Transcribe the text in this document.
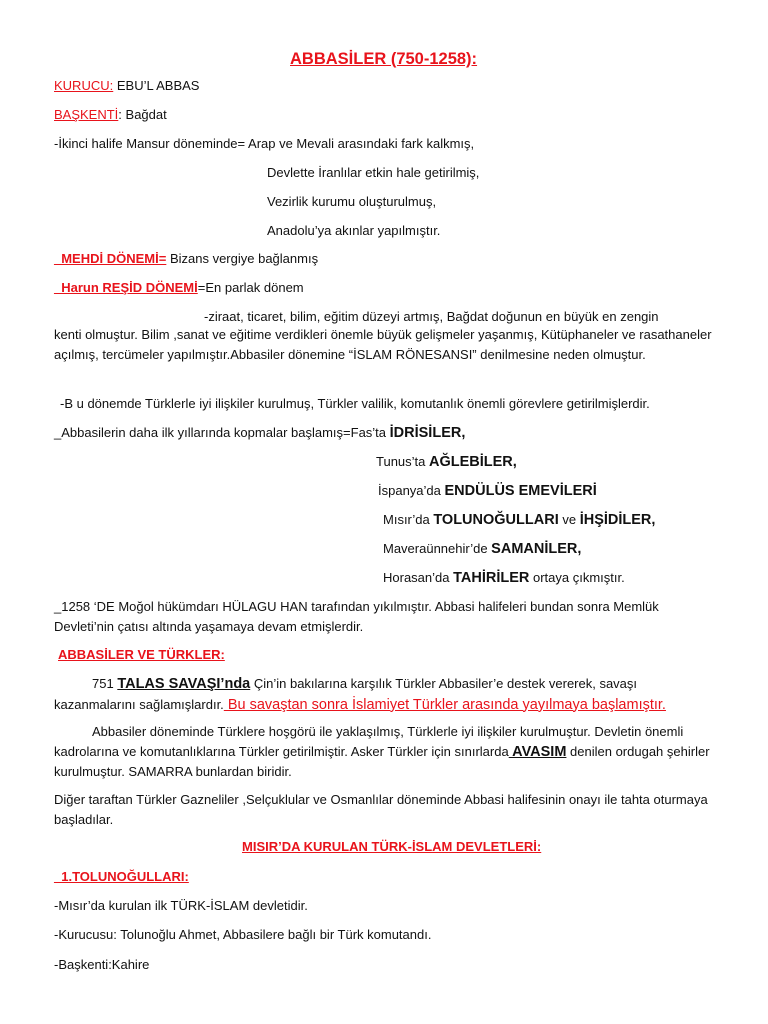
ABBASİLER (750-1258):
KURUCU: EBU’L ABBAS
BAŞKENTİ: Bağdat
-İkinci halife Mansur döneminde= Arap ve Mevali arasındaki fark kalkmış,
Devlette İranlılar etkin hale getirilmiş,
Vezirlik kurumu oluşturulmuş,
Anadolu’ya akınlar yapılmıştır.
_MEHDİ DÖNEMİ= Bizans vergiye bağlanmış
_Harun REŞİD DÖNEMİ=En parlak dönem
-ziraat, ticaret, bilim, eğitim düzeyi artmış, Bağdat doğunun en büyük en zengin
kenti olmuştur. Bilim ,sanat ve eğitime verdikleri önemle büyük gelişmeler yaşanmış, Kütüphaneler ve rasathaneler açılmış, tercümeler yapılmıştır.Abbasiler dönemine “İSLAM RÖNESANSI” denilmesine neden olmuştur.
-B u dönemde Türklerle iyi ilişkiler kurulmuş, Türkler valilik, komutanlık önemli görevlere getirilmişlerdir.
_Abbasilerin daha ilk yıllarında kopmalar başlamış=Fas’ta İDRİSİLER,
Tunus’ta AĞLEBİLER,
İspanya’da ENDÜLÜS EMEVİLERİ
Mısır’da TOLUNOĞULLARI ve İHŞİDİLER,
Maveraünnehir’de SAMANİLER,
Horasan’da TAHİRİLER ortaya çıkmıştır.
_1258 ‘DE Moğol hükümdarı HÜLAGU HAN tarafından yıkılmıştır. Abbasi halifeleri bundan sonra Memlük Devleti’nin çatısı altında yaşamaya devam etmişlerdir.
ABBASİLER VE TÜRKLER:
751 TALAS SAVAŞI’nda Çin’in bakılarına karşılık Türkler Abbasiler’e destek vererek, savaşı kazanmalarını sağlamışlardır. Bu savaştan sonra İslamiyet Türkler arasında yayılmaya başlamıştır.
Abbasiler döneminde Türklere hoşgörü ile yaklaşılmış, Türklerle iyi ilişkiler kurulmuştur. Devletin önemli kadrolarına ve komutanlıklarına Türkler getirilmiştir. Asker Türkler için sınırlarda AVASIM denilen ordugah şehirler kurulmuştur. SAMARRA bunlardan biridir.
Diğer taraftan Türkler Gazneliler ,Selçuklular ve Osmanlılar döneminde Abbasi halifesinin onayı ile tahta oturmaya başladılar.
MISIR’DA KURULAN TÜRK-İSLAM DEVLETLERİ:
_1.TOLUNOĞULLARI:
-Mısır’da kurulan ilk TÜRK-İSLAM devletidir.
-Kurucusu: Tolunoğlu Ahmet, Abbasilere bağlı bir Türk komutandı.
-Başkenti:Kahire
